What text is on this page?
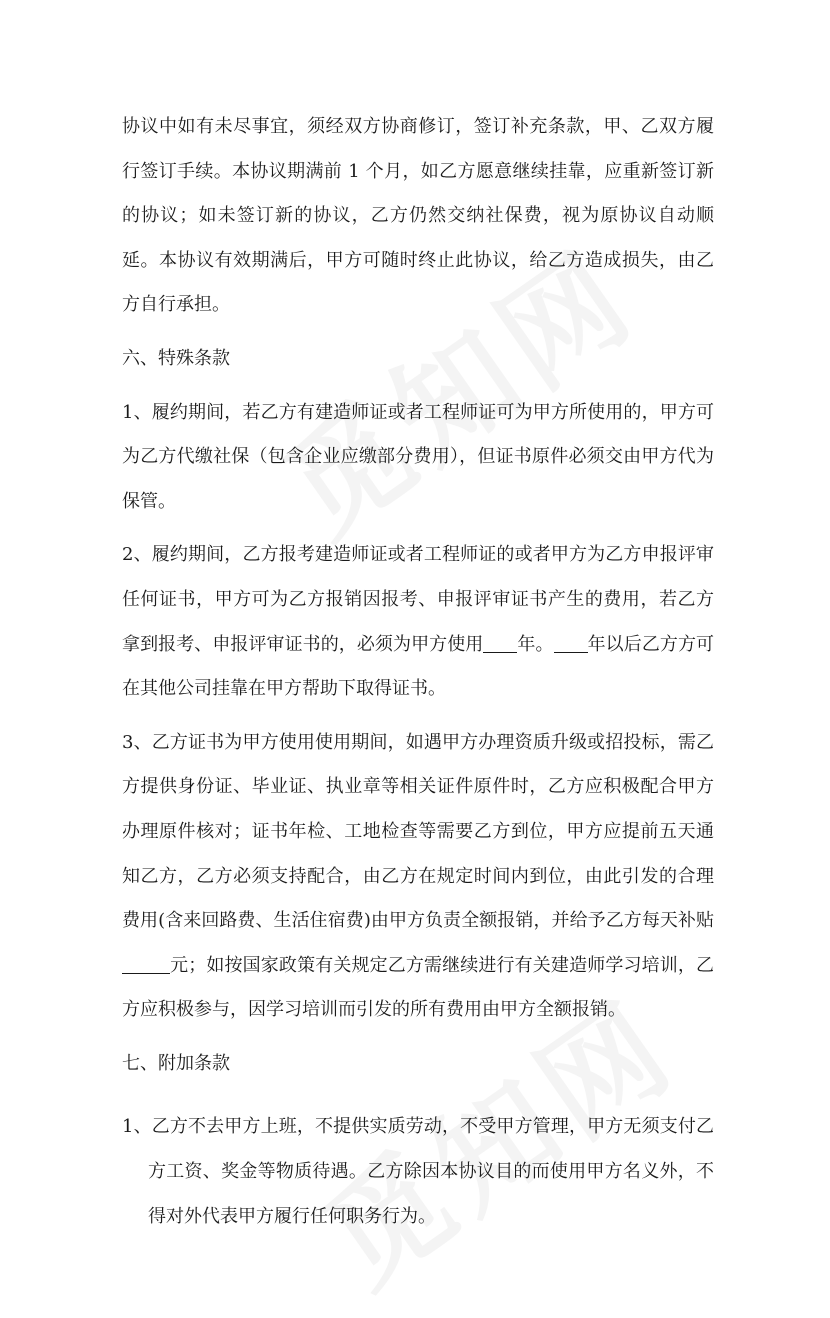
协议中如有未尽事宜，须经双方协商修订，签订补充条款，甲、乙双方履行签订手续。本协议期满前 1 个月，如乙方愿意继续挂靠，应重新签订新的协议；如未签订新的协议，乙方仍然交纳社保费，视为原协议自动顺延。本协议有效期满后，甲方可随时终止此协议，给乙方造成损失，由乙方自行承担。

六、特殊条款

1、履约期间，若乙方有建造师证或者工程师证可为甲方所使用的，甲方可为乙方代缴社保（包含企业应缴部分费用），但证书原件必须交由甲方代为保管。

2、履约期间，乙方报考建造师证或者工程师证的或者甲方为乙方申报评审任何证书，甲方可为乙方报销因报考、申报评审证书产生的费用，若乙方拿到报考、申报评审证书的，必须为甲方使用 年。 年以后乙方方可在其他公司挂靠在甲方帮助下取得证书。

3、乙方证书为甲方使用使用期间，如遇甲方办理资质升级或招投标，需乙方提供身份证、毕业证、执业章等相关证件原件时，乙方应积极配合甲方办理原件核对；证书年检、工地检查等需要乙方到位，甲方应提前五天通知乙方，乙方必须支持配合，由乙方在规定时间内到位，由此引发的合理费用(含来回路费、生活住宿费)由甲方负责全额报销，并给予乙方每天补贴元；如按国家政策有关规定乙方需继续进行有关建造师学习培训，乙方应积极参与，因学习培训而引发的所有费用由甲方全额报销。

七、附加条款

1、乙方不去甲方上班，不提供实质劳动，不受甲方管理，甲方无须支付乙方工资、奖金等物质待遇。乙方除因本协议目的而使用甲方名义外，不得对外代表甲方履行任何职务行为。
